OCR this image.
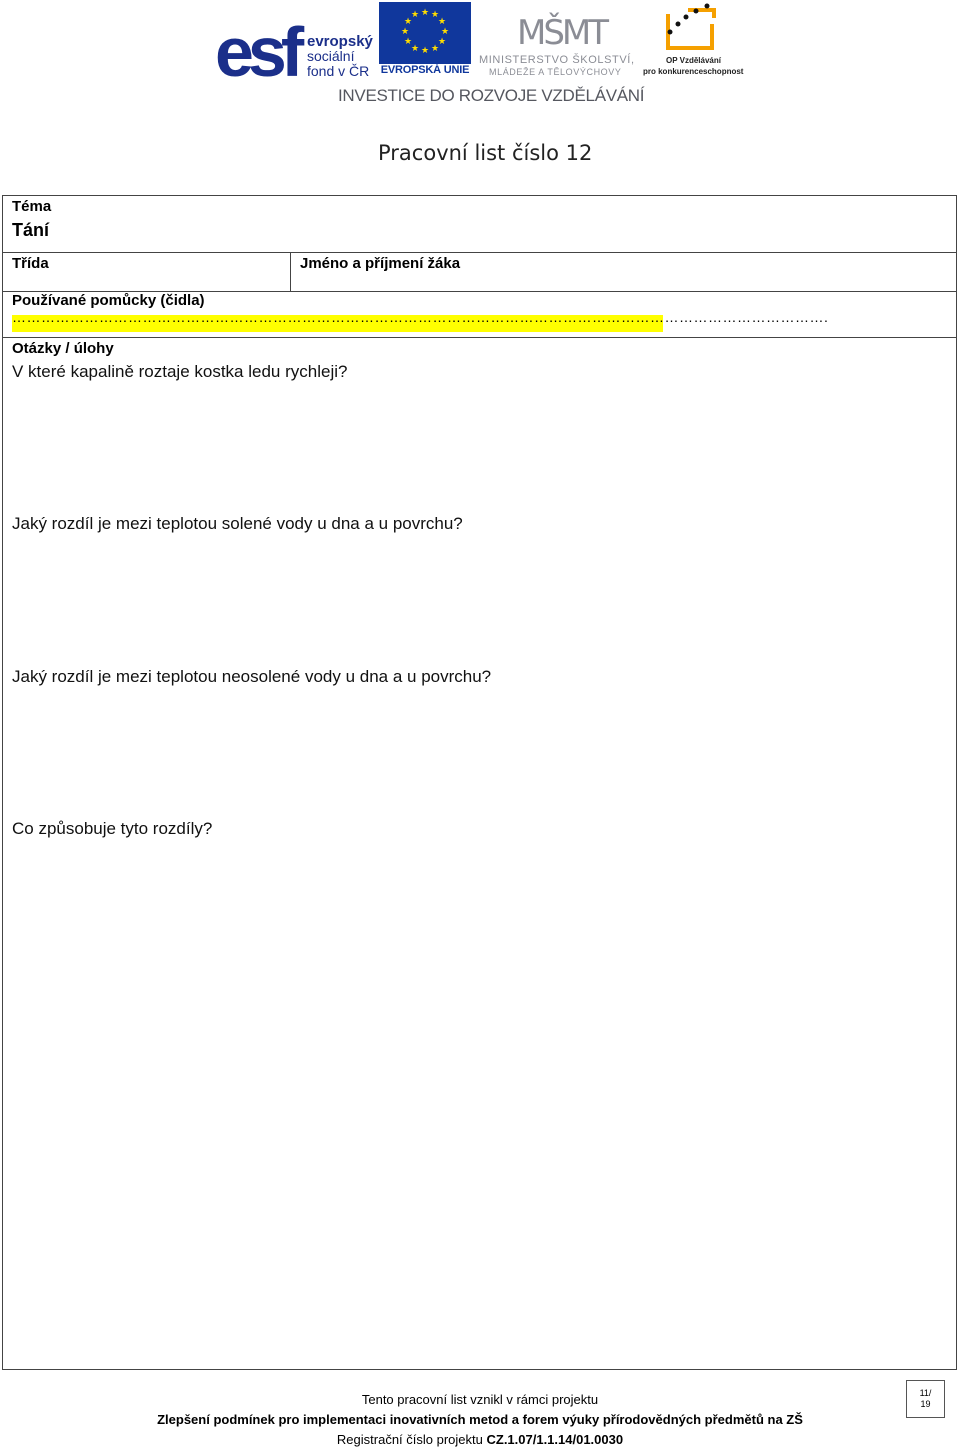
esf evropský
sociální
fond v ČR
★ ★
★
★
★
★
★
★
★
★
★
★
EVROPSKÁ UNIE
MŠMT
MINISTERSTVO ŠKOLSTVÍ,
MLÁDEŽE A TĚLOVÝCHOVY
OP Vzdělávání
pro konkurenceschopnost
INVESTICE DO ROZVOJE VZDĚLÁVÁNÍ
Pracovní list číslo 12
Téma
Tání
Třída	Jméno a příjmení žáka
Používané pomůcky (čidla)
…………………………………………………………………………………………………………………………………………………….
Otázky / úlohy
V které kapalině roztaje kostka ledu rychleji?
Jaký rozdíl je mezi teplotou solené vody u dna a u povrchu?
Jaký rozdíl je mezi teplotou neosolené vody u dna a u povrchu?
Co způsobuje tyto rozdíly?
Tento pracovní list vznikl v rámci projektu
Zlepšení podmínek pro implementaci inovativních metod a forem výuky přírodovědných předmětů na ZŠ
Registrační číslo projektu CZ.1.07/1.1.14/01.0030
11/
19
